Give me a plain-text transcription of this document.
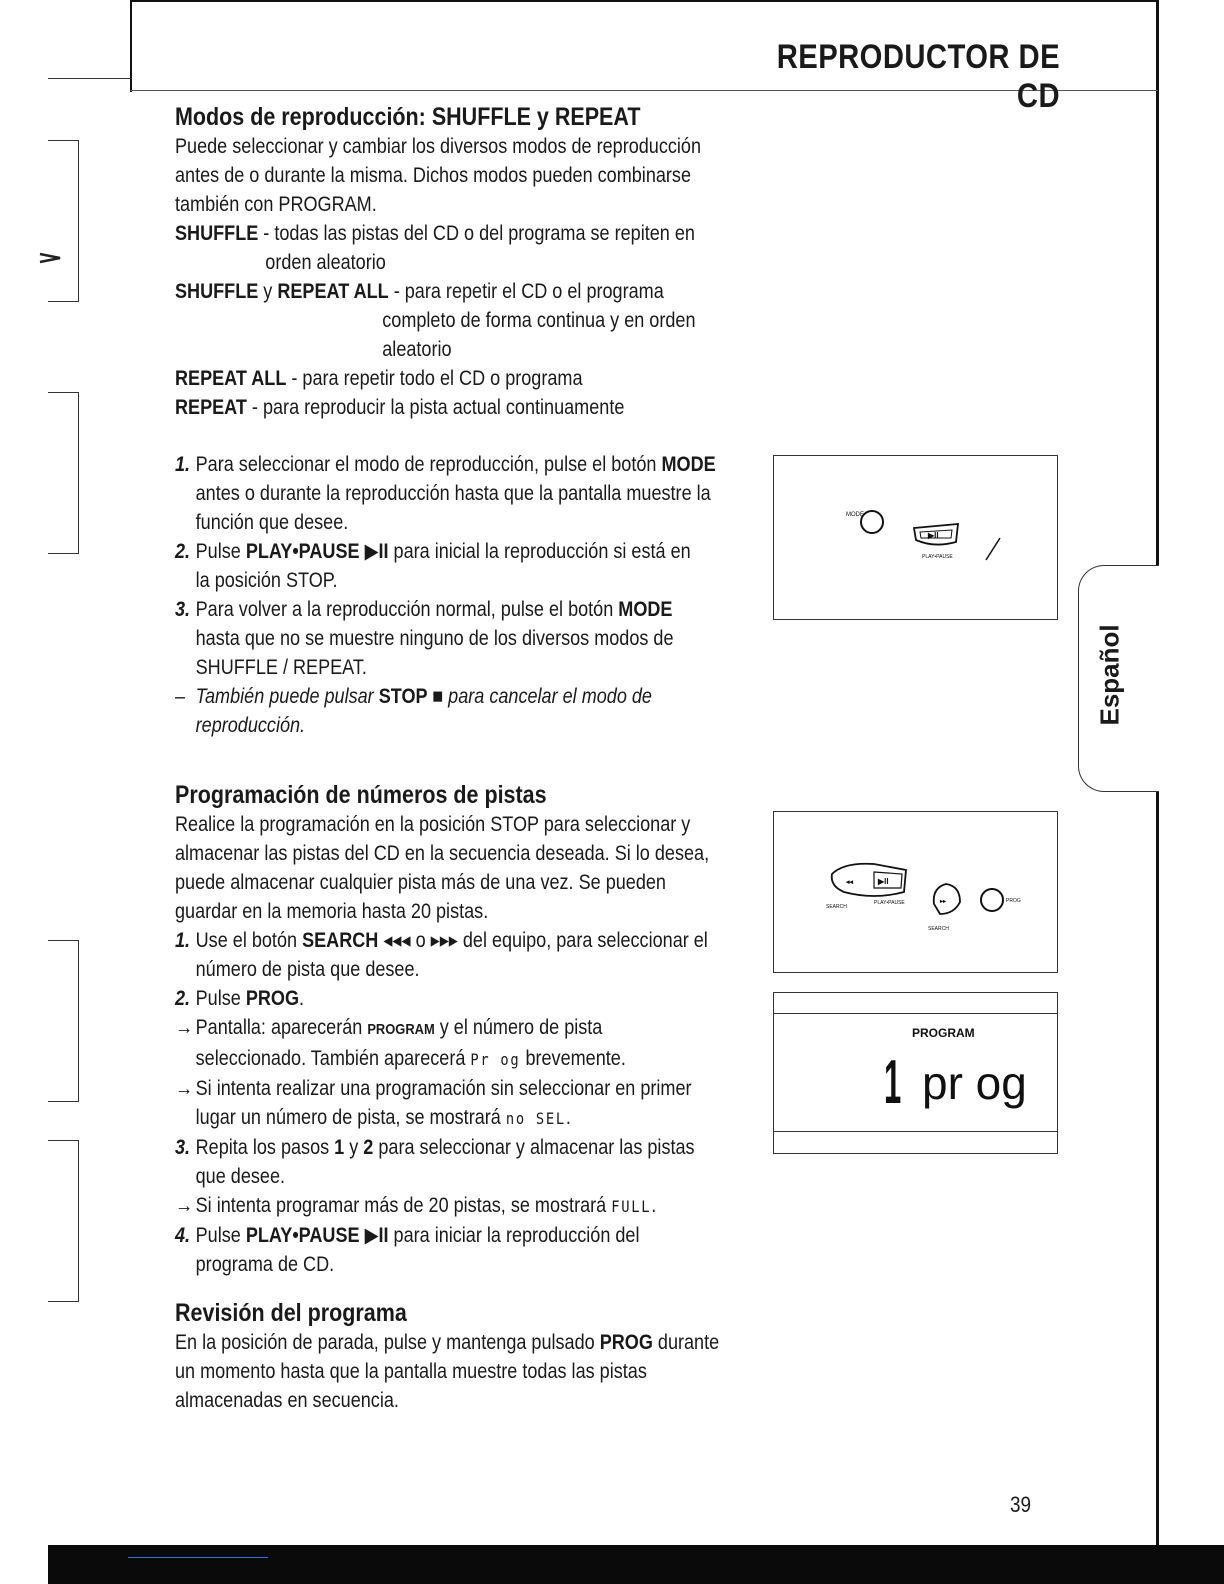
REPRODUCTOR DE CD
Modos de reproducción: SHUFFLE y REPEAT

Puede seleccionar y cambiar los diversos modos de reproducción

antes de o durante la misma. Dichos modos pueden combinarse

también con PROGRAM.

SHUFFLE - todas las pistas del CD o del programa se repiten en

orden aleatorio

SHUFFLE y REPEAT ALL - para repetir el CD o el programa

completo de forma continua y en orden

aleatorio

REPEAT ALL - para repetir todo el CD o programa

REPEAT - para reproducir la pista actual continuamente

1. Para seleccionar el modo de reproducción, pulse el botón MODE

antes o durante la reproducción hasta que la pantalla muestre la

función que desee.

2. Pulse PLAY•PAUSE ▶II para inicial la reproducción si está en

la posición STOP.

3. Para volver a la reproducción normal, pulse el botón MODE

hasta que no se muestre ninguno de los diversos modos de

SHUFFLE / REPEAT.

– También puede pulsar STOP ■ para cancelar el modo de

reproducción.

Programación de números de pistas

Realice la programación en la posición STOP para seleccionar y

almacenar las pistas del CD en la secuencia deseada. Si lo desea,

puede almacenar cualquier pista más de una vez. Se pueden

guardar en la memoria hasta 20 pistas.

1. Use el botón SEARCH ◂◂◂ o ▸▸▸ del equipo, para seleccionar el

número de pista que desee.

2. Pulse PROG.

→ Pantalla: aparecerán PROGRAM y el número de pista

seleccionado. También aparecerá Pr og brevemente.

→ Si intenta realizar una programación sin seleccionar en primer

lugar un número de pista, se mostrará no SEL.

3. Repita los pasos 1 y 2 para seleccionar y almacenar las pistas

que desee.

→ Si intenta programar más de 20 pistas, se mostrará FULL.

4. Pulse PLAY•PAUSE ▶II para iniciar la reproducción del

programa de CD.

Revisión del programa

En la posición de parada, pulse y mantenga pulsado PROG durante

un momento hasta que la pantalla muestre todas las pistas

almacenadas en secuencia.

MODE
▶II
PLAY•PAUSE
◂◂	▶II
SEARCH
PLAY•PAUSE	▸▸
SEARCH
PROG
PROGRAM
1 pr og
Español
39
